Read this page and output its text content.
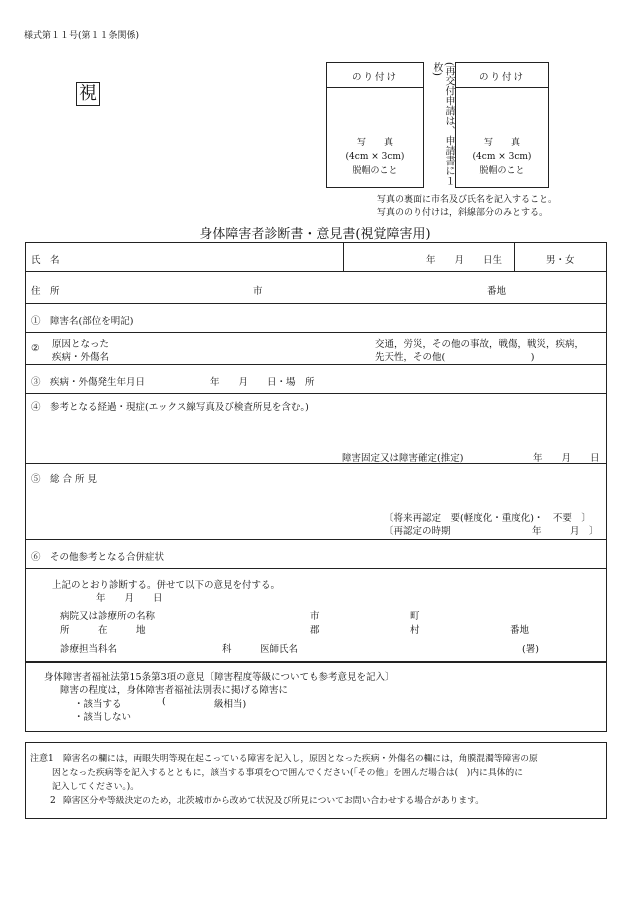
様式第１１号(第１１条関係)
視
のり付け
写　　真
(4cm × 3cm)
脱帽のこと	(再交付申請は、申請書に１枚)
のり付け
写　　真
(4cm × 3cm)
脱帽のこと
写真の裏面に市名及び氏名を記入すること。
写真ののり付けは，斜線部分のみとする。
身体障害者診断書・意見書(視覚障害用)
氏　名	年　　月　　日生	男・女
住　所	市	番地
①　障害名(部位を明記)
② 原因となった
疾病・外傷名
交通，労災，その他の事故，戦傷，戦災，疾病，
先天性，その他(　　　　　　　　　)
③　疾病・外傷発生年月日	年　　月　　日・場　所
④　参考となる経過・現症(エックス線写真及び検査所見を含む。)
障害固定又は障害確定(推定)	年　　月　　日
⑤　総 合 所 見
〔将来再認定　要(軽度化・重度化)・　不要　〕
〔再認定の時期	年　　　月　〕
⑥　その他参考となる合併症状
上記のとおり診断する。併せて以下の意見を付する。
年　　月　　日
病院又は診療所の名称	市	町
所　　　在　　　地	郡	村	番地
診療担当科名	科	医師氏名	(署)
身体障害者福祉法第15条第3項の意見〔障害程度等級についても参考意見を記入〕
障害の程度は，身体障害者福祉法別表に掲げる障害に
・該当する	(	級相当)
・該当しない
注意1 障害名の欄には，両眼失明等現在起こっている障害を記入し，原因となった疾病・外傷名の欄には，角膜混濁等障害の原
因となった疾病等を記入するとともに，該当する事項を○で囲んでください(「その他」を囲んだ場合は(　)内に具体的に
記入してください。)。
2 障害区分や等級決定のため，北茨城市から改めて状況及び所見についてお問い合わせする場合があります。
